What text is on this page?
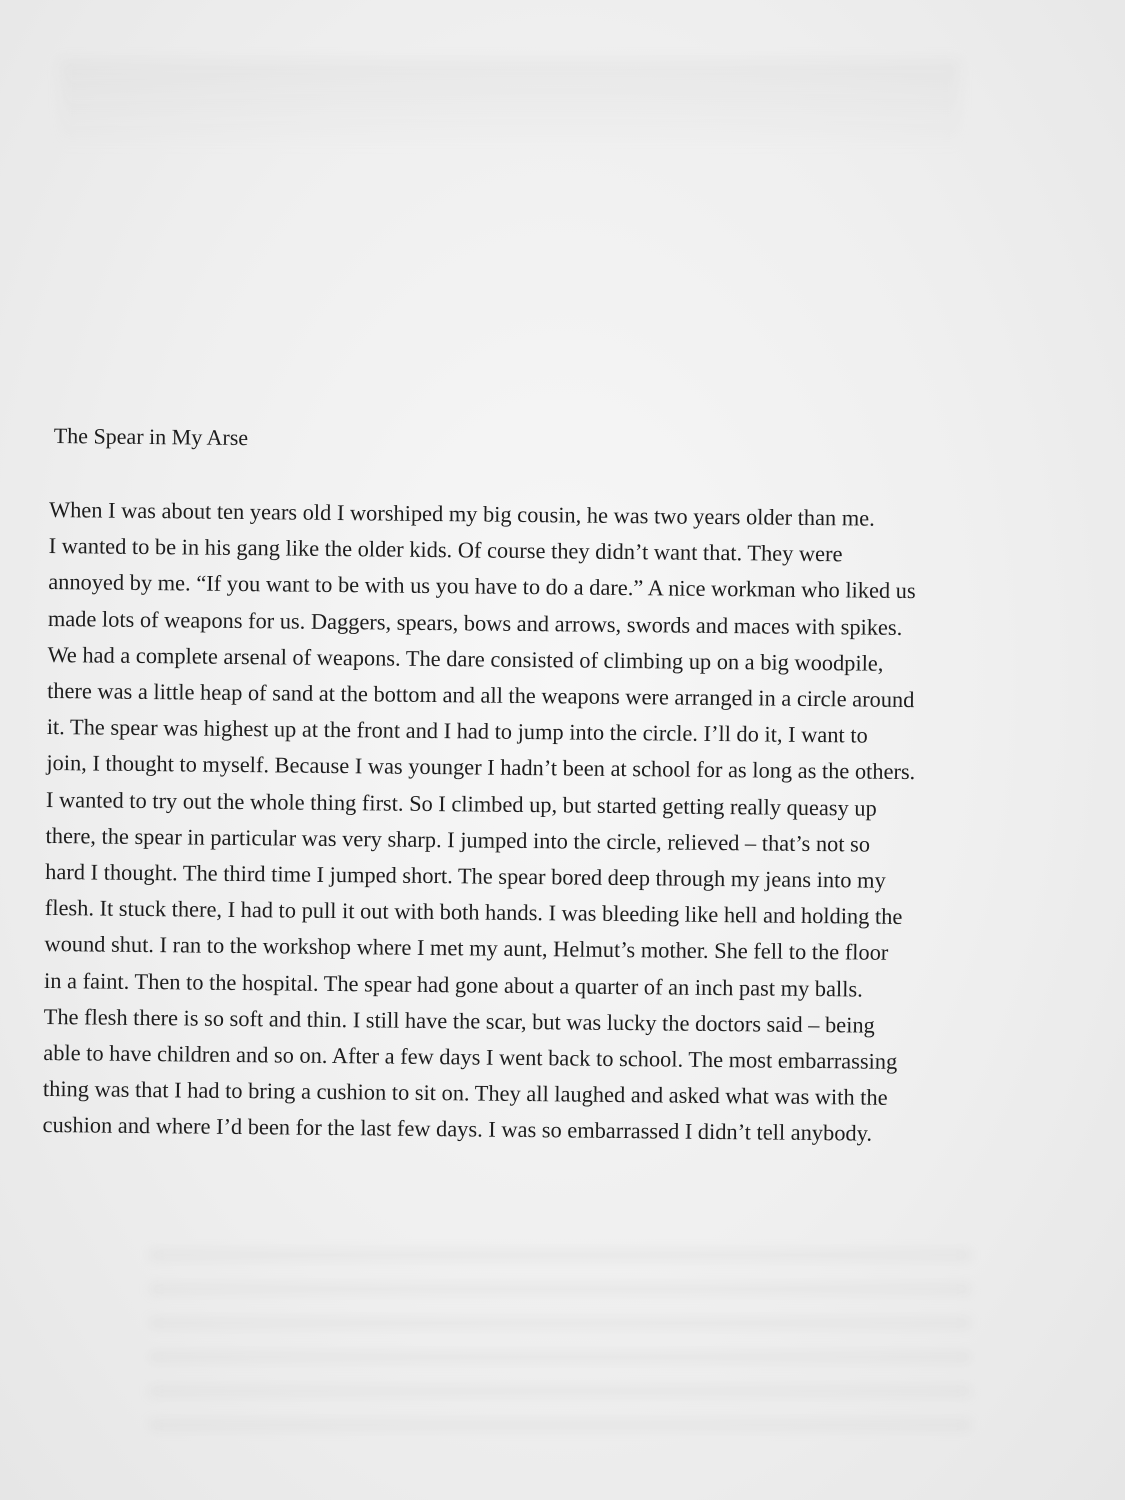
The Spear in My Arse
When I was about ten years old I worshiped my big cousin, he was two years older than me.
I wanted to be in his gang like the older kids. Of course they didn’t want that. They were
annoyed by me. “If you want to be with us you have to do a dare.” A nice workman who liked us
made lots of weapons for us. Daggers, spears, bows and arrows, swords and maces with spikes.
We had a complete arsenal of weapons. The dare consisted of climbing up on a big woodpile,
there was a little heap of sand at the bottom and all the weapons were arranged in a circle around
it. The spear was highest up at the front and I had to jump into the circle. I’ll do it, I want to
join, I thought to myself. Because I was younger I hadn’t been at school for as long as the others.
I wanted to try out the whole thing first. So I climbed up, but started getting really queasy up
there, the spear in particular was very sharp. I jumped into the circle, relieved – that’s not so
hard I thought. The third time I jumped short. The spear bored deep through my jeans into my
flesh. It stuck there, I had to pull it out with both hands. I was bleeding like hell and holding the
wound shut. I ran to the workshop where I met my aunt, Helmut’s mother. She fell to the floor
in a faint. Then to the hospital. The spear had gone about a quarter of an inch past my balls.
The flesh there is so soft and thin. I still have the scar, but was lucky the doctors said – being
able to have children and so on. After a few days I went back to school. The most embarrassing
thing was that I had to bring a cushion to sit on. They all laughed and asked what was with the
cushion and where I’d been for the last few days. I was so embarrassed I didn’t tell anybody.
